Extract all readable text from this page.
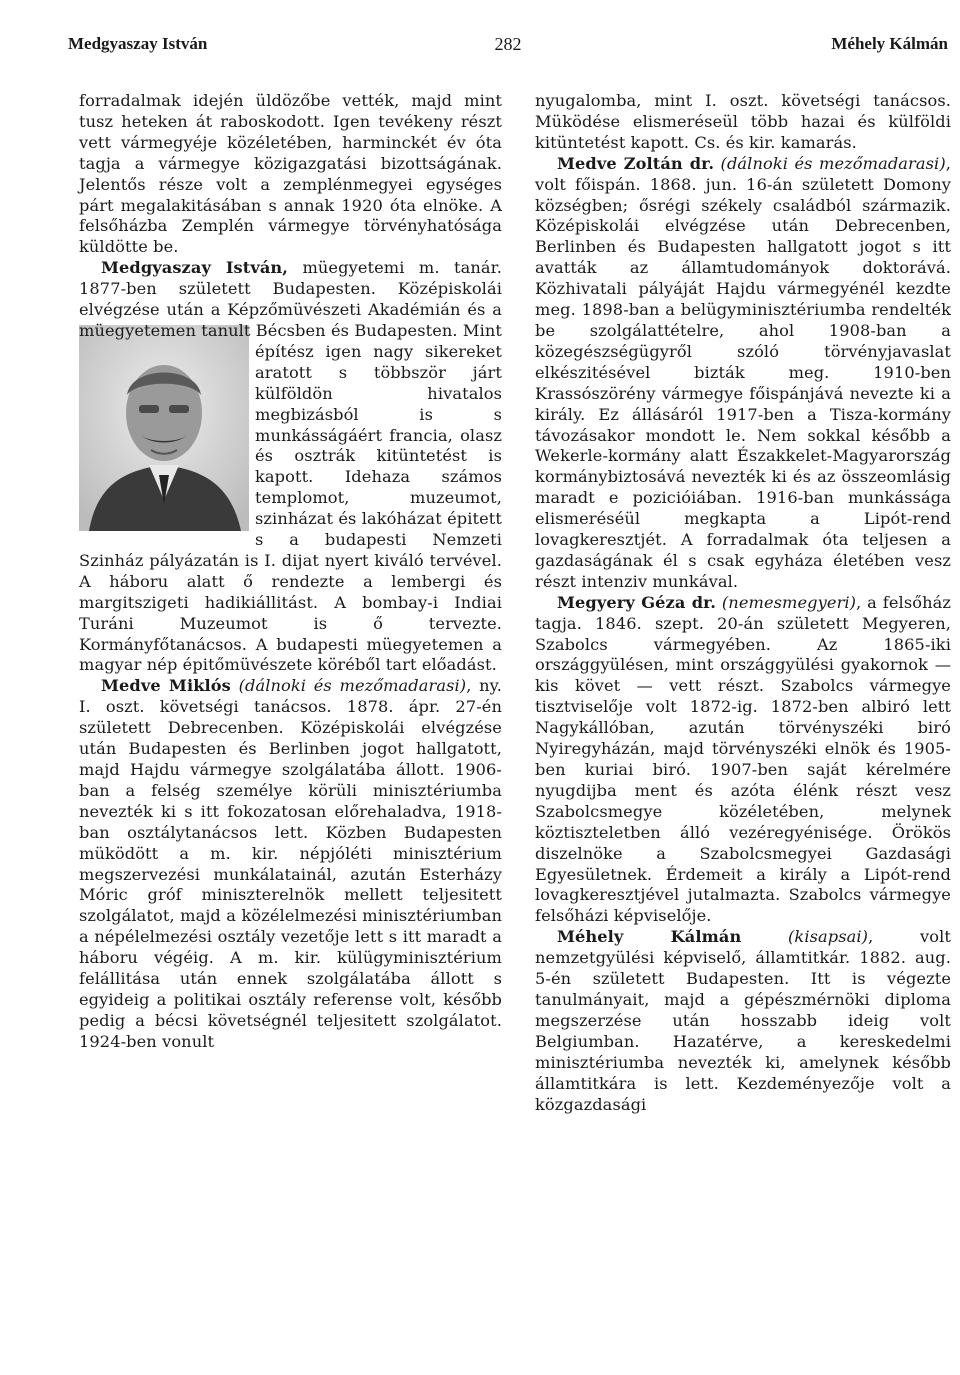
Medgyaszay István	282	Méhely Kálmán

forradalmak idején üldözőbe vették, majd mint tusz heteken át raboskodott. Igen tevékeny részt vett vármegyéje közéletében, harminckét év óta tagja a vármegye közigazgatási bizottságának. Jelentős része volt a zemplénmegyei egységes párt megalakitásában s annak 1920 óta elnöke. A felsőházba Zemplén vármegye törvényhatósága küldötte be.

Medgyaszay István, müegyetemi m. tanár. 1877-ben született Budapesten. Középiskolái elvégzése után a Képzőmüvészeti Akadémián és a müegyetemen
tanult Bécsben és Budapesten. Mint építész igen nagy sikereket aratott s többször járt külföldön hivatalos megbizásból is s munkásságáért francia, olasz és osztrák kitüntetést is kapott. Idehaza számos templomot, muzeumot, szinházat és lakóházat épitett s a budapesti Nemzeti Szinház pályázatán is I. dijat nyert kiváló tervével. A háboru alatt ő rendezte a lembergi és margitszigeti hadikiállitást. A bombay-i Indiai Turáni Muzeumot is ő tervezte. Kormányfőtanácsos. A budapesti müegyetemen a magyar nép épitőmüvészete köréből tart előadást.

Medve Miklós (dálnoki és mezőmadarasi), ny. I. oszt. követségi tanácsos. 1878. ápr. 27-én született Debrecenben. Középiskolái elvégzése után Budapesten és Berlinben jogot hallgatott, majd Hajdu vármegye szolgálatába állott. 1906-ban a felség személye körüli minisztériumba nevezték ki s itt fokozatosan előrehaladva, 1918-ban osztálytanácsos lett. Közben Budapesten müködött a m. kir. népjóléti minisztérium megszervezési munkálatainál, azután Esterházy Móric gróf miniszterelnök mellett teljesitett szolgálatot, majd a közélelmezési minisztériumban a népélelmezési osztály vezetője lett s itt maradt a háboru végéig. A m. kir. külügyminisztérium felállitása után ennek szolgálatába állott s egyideig a politikai osztály referense volt, később pedig a bécsi követségnél teljesitett szolgálatot. 1924-ben vonult

nyugalomba, mint I. oszt. követségi tanácsos. Müködése elismeréseül több hazai és külföldi kitüntetést kapott. Cs. és kir. kamarás.

Medve Zoltán dr. (dálnoki és mezőmadarasi), volt főispán. 1868. jun. 16-án született Domony községben; ősrégi székely családból származik. Középiskolái elvégzése után Debrecenben, Berlinben és Budapesten hallgatott jogot s itt avatták az államtudományok doktorává. Közhivatali pályáját Hajdu vármegyénél kezdte meg. 1898-ban a belügyminisztériumba rendelték be szolgálattételre, ahol 1908-ban a közegészségügyről szóló törvényjavaslat elkészitésével bizták meg. 1910-ben Krassószörény vármegye főispánjává nevezte ki a király. Ez állásáról 1917-ben a Tisza-kormány távozásakor mondott le. Nem sokkal később a Wekerle-kormány alatt Északkelet-Magyarország kormánybiztosává nevezték ki és az összeomlásig maradt e pozicióiában. 1916-ban munkássága elismeréséül megkapta a Lipót-rend lovagkeresztjét. A forradalmak óta teljesen a gazdaságának él s csak egyháza életében vesz részt intenziv munkával.

Megyery Géza dr. (nemesmegyeri), a felsőház tagja. 1846. szept. 20-án született Megyeren, Szabolcs vármegyében. Az 1865-iki országgyülésen, mint országgyülési gyakornok — kis követ — vett részt. Szabolcs vármegye tisztviselője volt 1872-ig. 1872-ben albiró lett Nagykállóban, azután törvényszéki biró Nyiregyházán, majd törvényszéki elnök és 1905-ben kuriai biró. 1907-ben saját kérelmére nyugdijba ment és azóta élénk részt vesz Szabolcsmegye közéletében, melynek köztiszteletben álló vezéregyénisége. Örökös diszelnöke a Szabolcsmegyei Gazdasági Egyesületnek. Érdemeit a király a Lipót-rend lovagkeresztjével jutalmazta. Szabolcs vármegye felsőházi képviselője.

Méhely Kálmán (kisapsai), volt nemzetgyülési képviselő, államtitkár. 1882. aug. 5-én született Budapesten. Itt is végezte tanulmányait, majd a gépészmérnöki diploma megszerzése után hosszabb ideig volt Belgiumban. Hazatérve, a kereskedelmi minisztériumba nevezték ki, amelynek később államtitkára is lett. Kezdeményezője volt a közgazdasági
